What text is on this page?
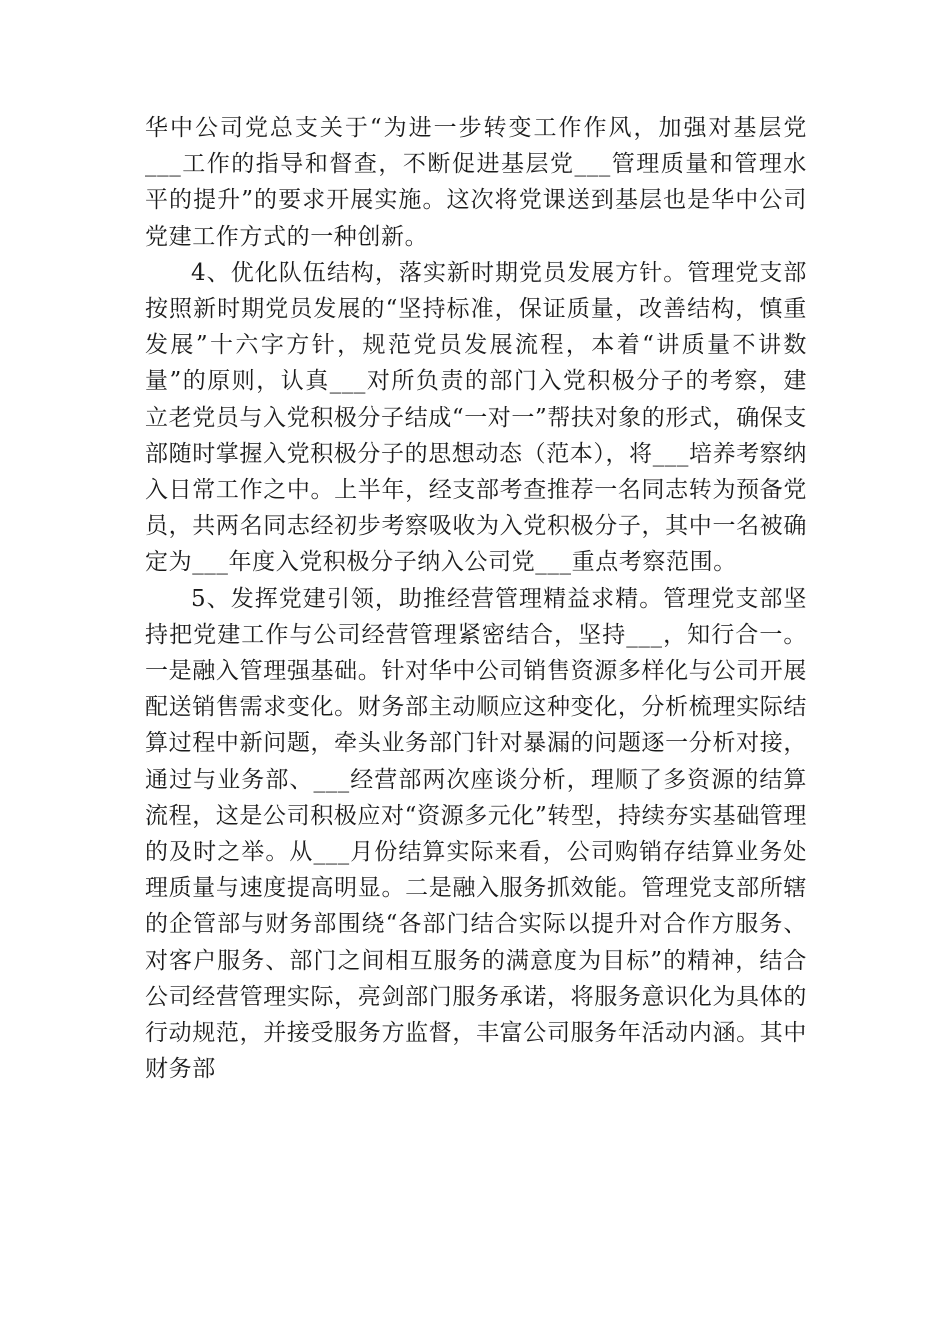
华中公司党总支关于“为进一步转变工作作风，加强对基层党___工作的指导和督查，不断促进基层党___管理质量和管理水平的提升”的要求开展实施。这次将党课送到基层也是华中公司党建工作方式的一种创新。

4、优化队伍结构，落实新时期党员发展方针。管理党支部按照新时期党员发展的“坚持标准，保证质量，改善结构，慎重发展”十六字方针，规范党员发展流程，本着“讲质量不讲数量”的原则，认真___对所负责的部门入党积极分子的考察，建立老党员与入党积极分子结成“一对一”帮扶对象的形式，确保支部随时掌握入党积极分子的思想动态（范本），将___培养考察纳入日常工作之中。上半年，经支部考查推荐一名同志转为预备党员，共两名同志经初步考察吸收为入党积极分子，其中一名被确定为___年度入党积极分子纳入公司党___重点考察范围。

5、发挥党建引领，助推经营管理精益求精。管理党支部坚持把党建工作与公司经营管理紧密结合，坚持___，知行合一。一是融入管理强基础。针对华中公司销售资源多样化与公司开展配送销售需求变化。财务部主动顺应这种变化，分析梳理实际结算过程中新问题，牵头业务部门针对暴漏的问题逐一分析对接，通过与业务部、___经营部两次座谈分析，理顺了多资源的结算流程，这是公司积极应对“资源多元化”转型，持续夯实基础管理的及时之举。从___月份结算实际来看，公司购销存结算业务处理质量与速度提高明显。二是融入服务抓效能。管理党支部所辖的企管部与财务部围绕“各部门结合实际以提升对合作方服务、对客户服务、部门之间相互服务的满意度为目标”的精神，结合公司经营管理实际，亮剑部门服务承诺，将服务意识化为具体的行动规范，并接受服务方监督，丰富公司服务年活动内涵。其中财务部
